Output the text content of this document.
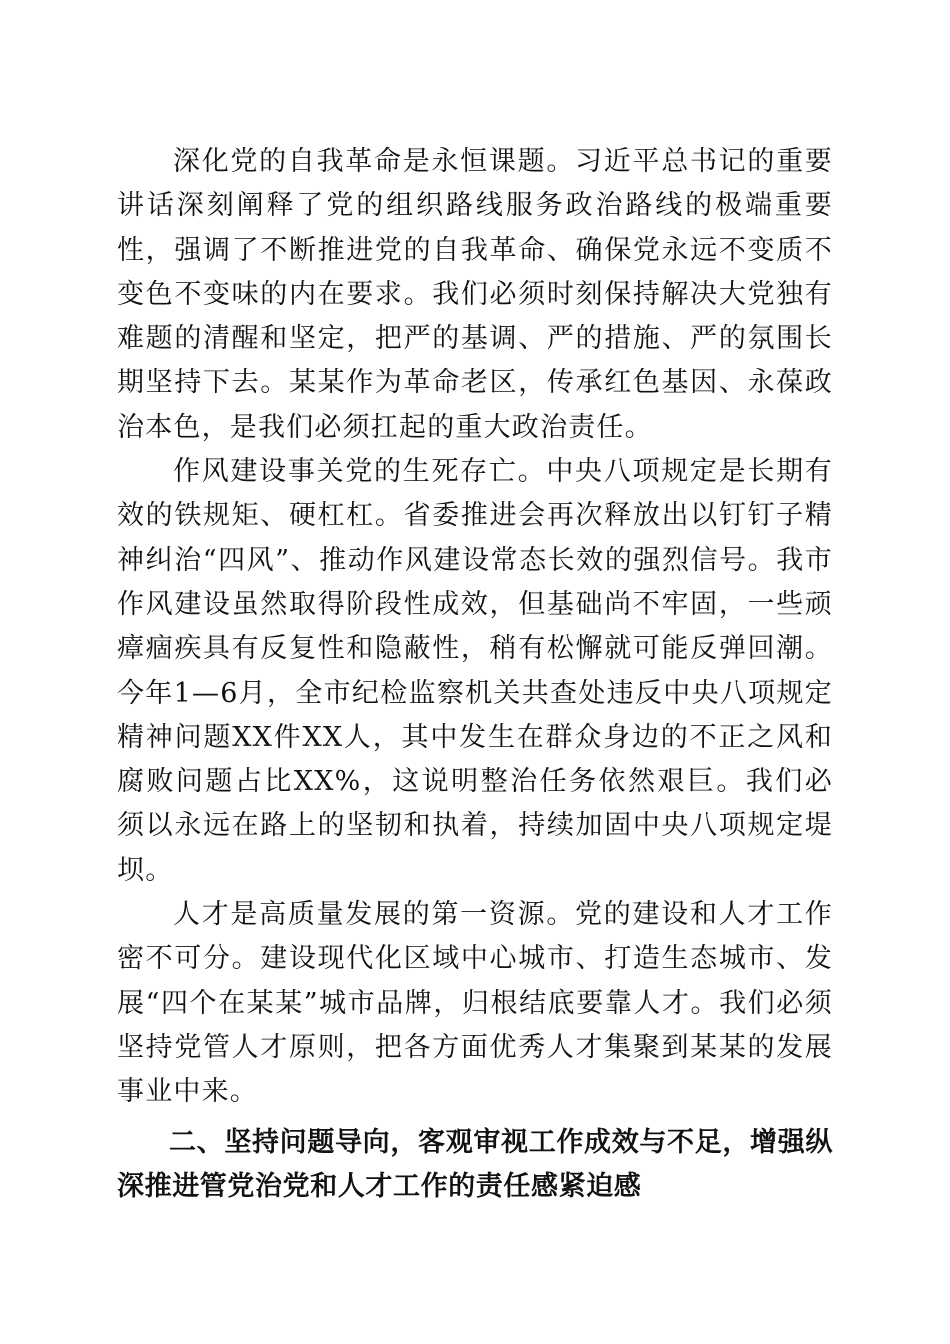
深化党的自我革命是永恒课题。习近平总书记的重要讲话深刻阐释了党的组织路线服务政治路线的极端重要性，强调了不断推进党的自我革命、确保党永远不变质不变色不变味的内在要求。我们必须时刻保持解决大党独有难题的清醒和坚定，把严的基调、严的措施、严的氛围长期坚持下去。某某作为革命老区，传承红色基因、永葆政治本色，是我们必须扛起的重大政治责任。

作风建设事关党的生死存亡。中央八项规定是长期有效的铁规矩、硬杠杠。省委推进会再次释放出以钉钉子精神纠治“四风”、推动作风建设常态长效的强烈信号。我市作风建设虽然取得阶段性成效，但基础尚不牢固，一些顽瘴痼疾具有反复性和隐蔽性，稍有松懈就可能反弹回潮。今年1—6月，全市纪检监察机关共查处违反中央八项规定精神问题XX件XX人，其中发生在群众身边的不正之风和腐败问题占比XX%，这说明整治任务依然艰巨。我们必须以永远在路上的坚韧和执着，持续加固中央八项规定堤坝。

人才是高质量发展的第一资源。党的建设和人才工作密不可分。建设现代化区域中心城市、打造生态城市、发展“四个在某某”城市品牌，归根结底要靠人才。我们必须坚持党管人才原则，把各方面优秀人才集聚到某某的发展事业中来。

二、坚持问题导向，客观审视工作成效与不足，增强纵深推进管党治党和人才工作的责任感紧迫感
